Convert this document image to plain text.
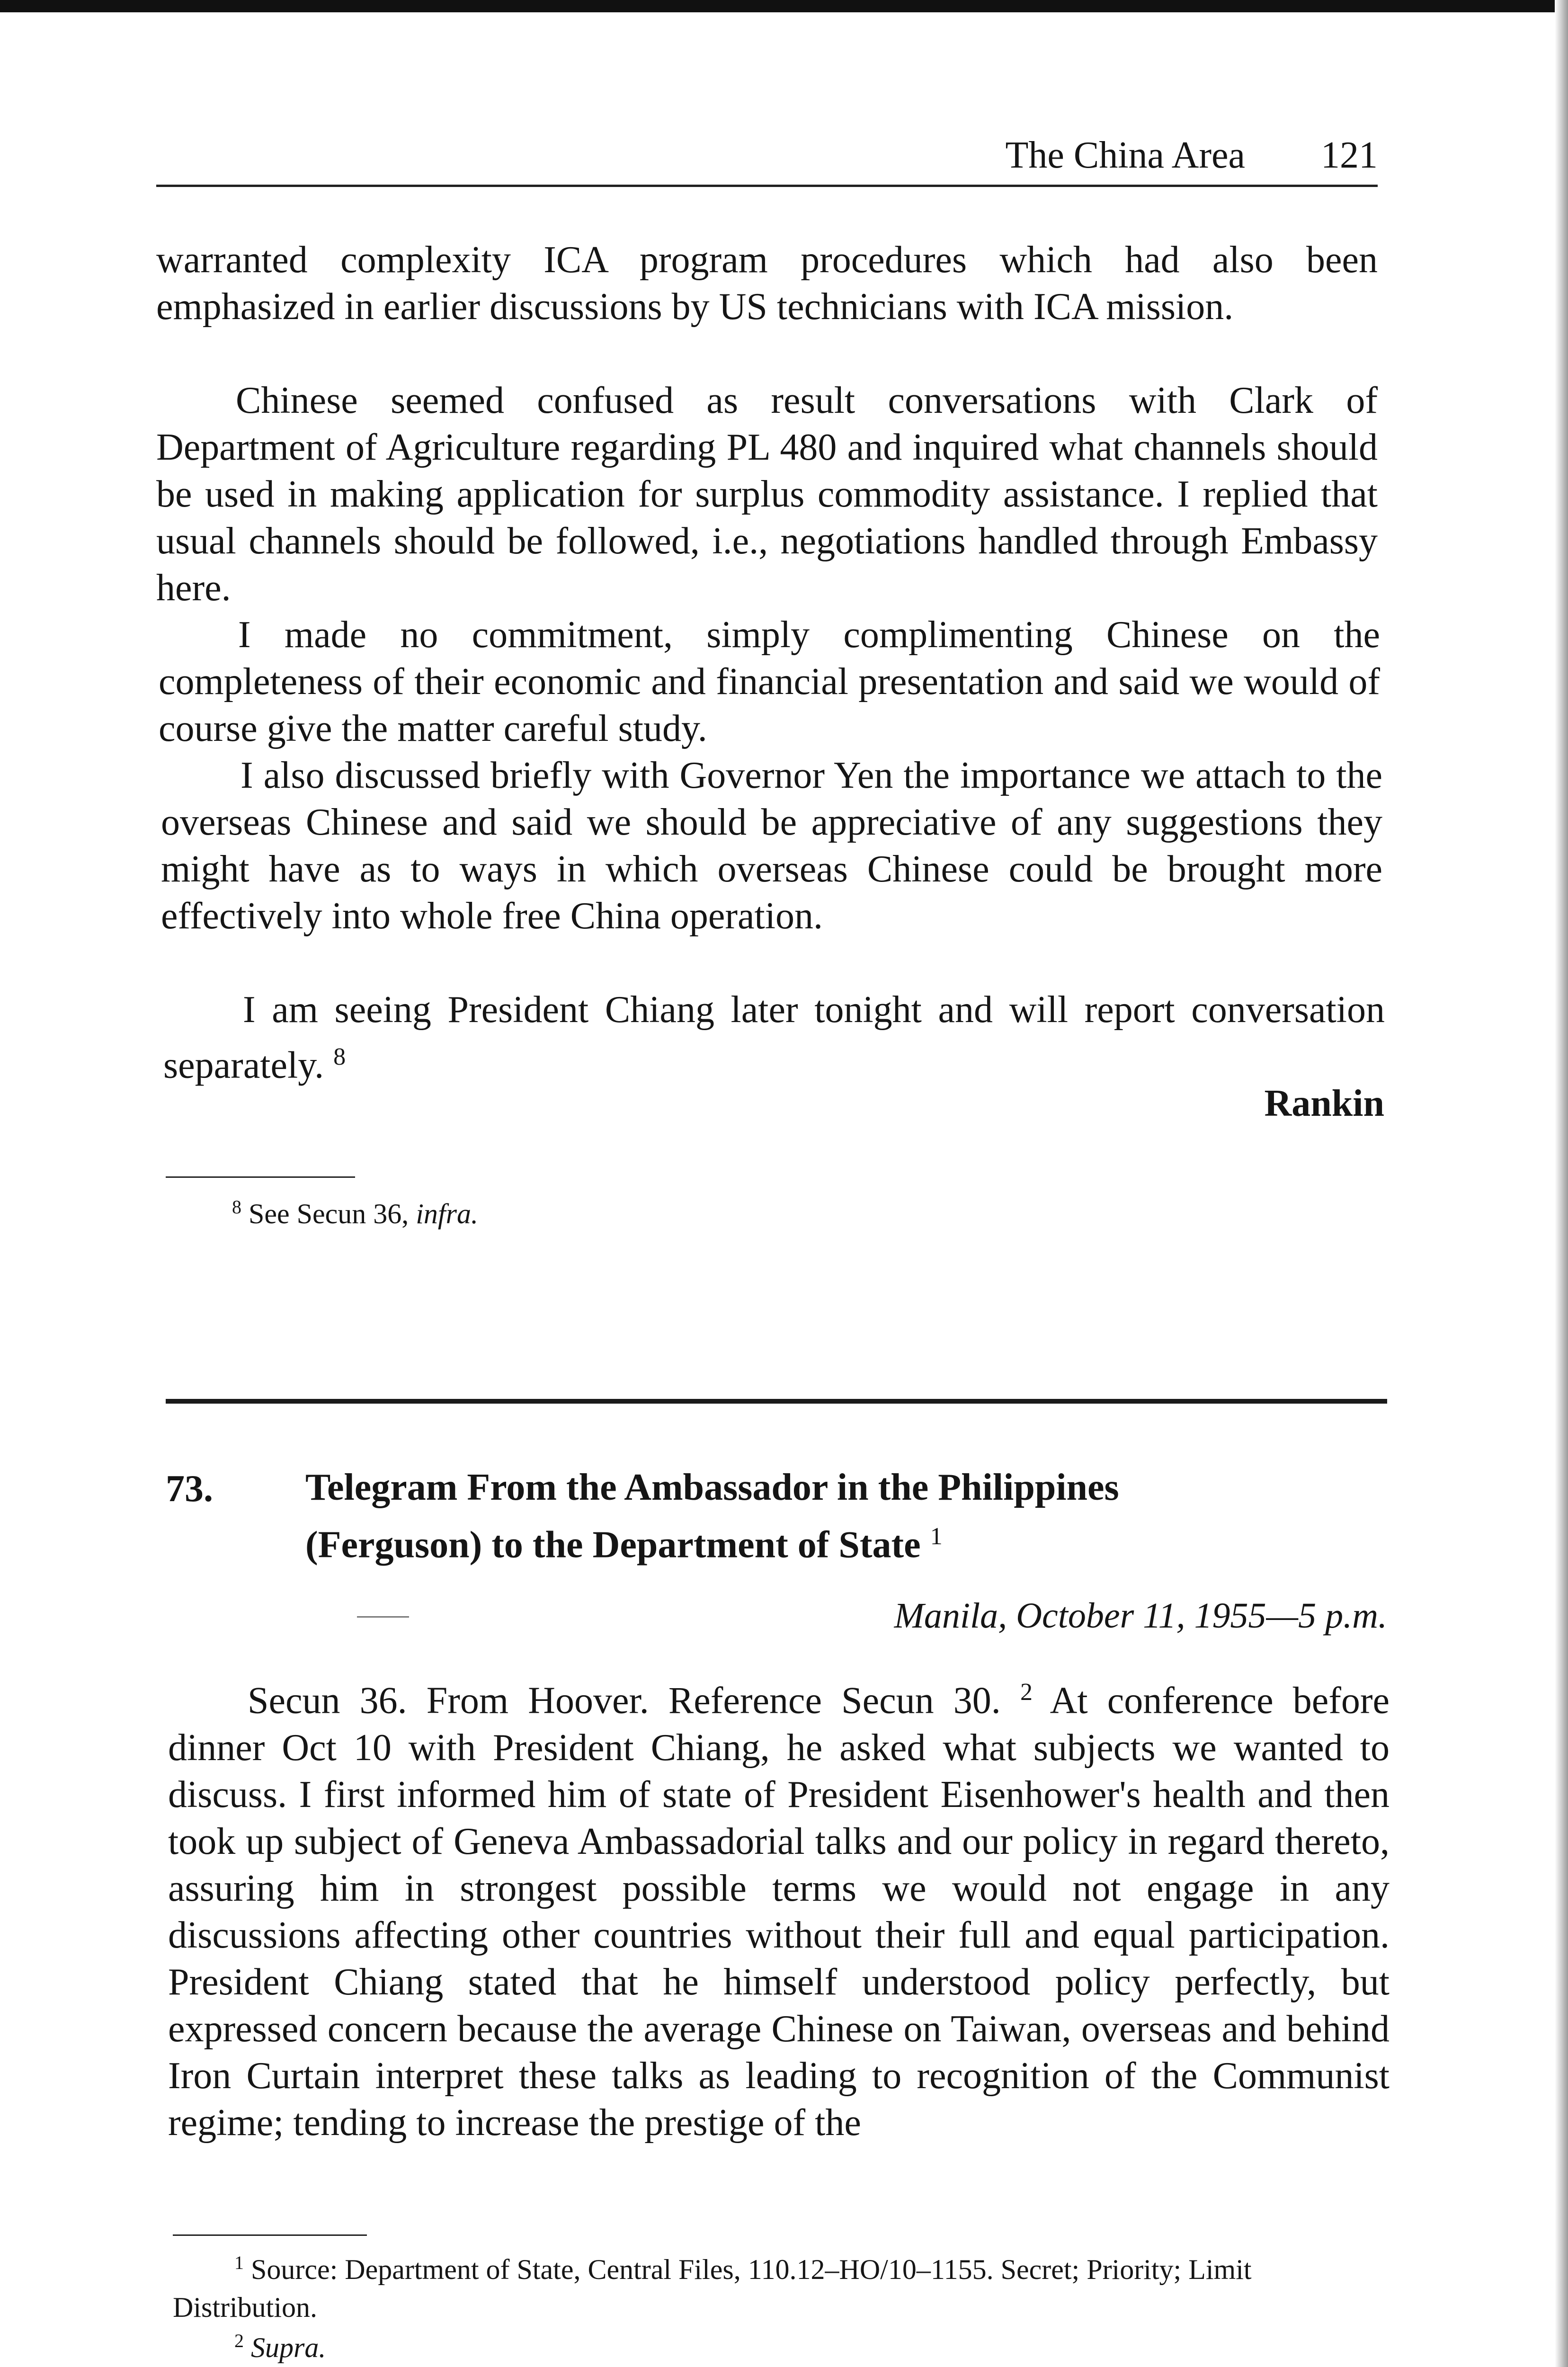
The China Area 121

warranted complexity ICA program procedures which had also been emphasized in earlier discussions by US technicians with ICA mission.

Chinese seemed confused as result conversations with Clark of Department of Agriculture regarding PL 480 and inquired what channels should be used in making application for surplus commodity assistance. I replied that usual channels should be followed, i.e., negotiations handled through Embassy here.

I made no commitment, simply complimenting Chinese on the completeness of their economic and financial presentation and said we would of course give the matter careful study.

I also discussed briefly with Governor Yen the importance we attach to the overseas Chinese and said we should be appreciative of any suggestions they might have as to ways in which overseas Chinese could be brought more effectively into whole free China operation.

I am seeing President Chiang later tonight and will report conversation separately. $^8$

Rankin

$^8$ See Secun 36, infra.

73. Telegram From the Ambassador in the Philippines
(Ferguson) to the Department of State $^1$

Manila, October 11, 1955—5 p.m.

Secun 36. From Hoover. Reference Secun 30. $^2$ At conference before dinner Oct 10 with President Chiang, he asked what subjects we wanted to discuss. I first informed him of state of President Eisenhower's health and then took up subject of Geneva Ambassadorial talks and our policy in regard thereto, assuring him in strongest possible terms we would not engage in any discussions affecting other countries without their full and equal participation. President Chiang stated that he himself understood policy perfectly, but expressed concern because the average Chinese on Taiwan, overseas and behind Iron Curtain interpret these talks as leading to recognition of the Communist regime; tending to increase the prestige of the

$^1$ Source: Department of State, Central Files, 110.12–HO/10–1155. Secret; Priority; Limit Distribution.

$^2$ Supra.
